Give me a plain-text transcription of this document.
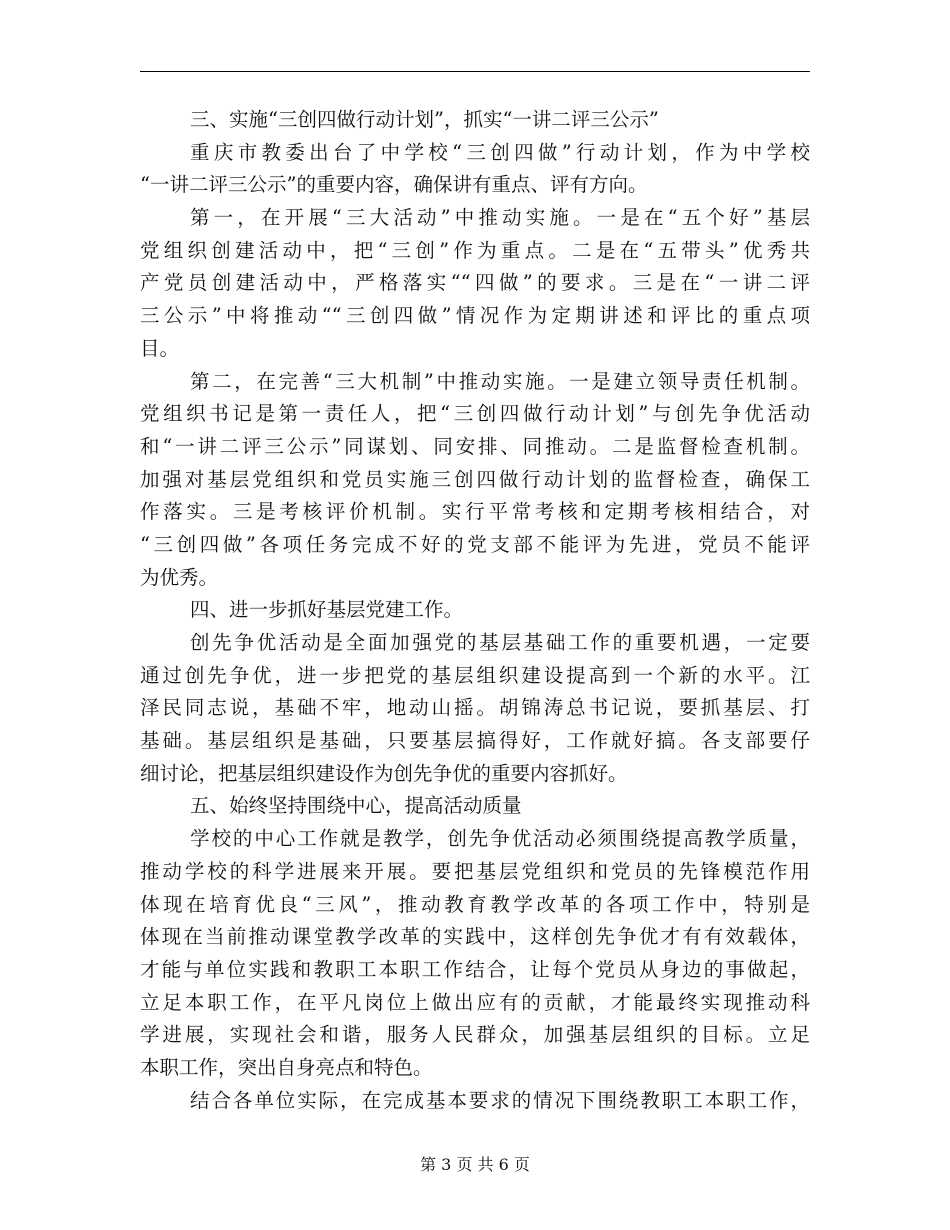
三、实施“三创四做行动计划”，抓实“一讲二评三公示”
重庆市教委出台了中学校“三创四做”行动计划，作为中学校
“一讲二评三公示”的重要内容，确保讲有重点、评有方向。
第一，在开展“三大活动”中推动实施。一是在“五个好”基层
党组织创建活动中，把“三创”作为重点。二是在“五带头”优秀共
产党员创建活动中，严格落实““四做”的要求。三是在“一讲二评
三公示”中将推动““三创四做”情况作为定期讲述和评比的重点项
目。
第二，在完善“三大机制”中推动实施。一是建立领导责任机制。
党组织书记是第一责任人，把“三创四做行动计划”与创先争优活动
和“一讲二评三公示”同谋划、同安排、同推动。二是监督检查机制。
加强对基层党组织和党员实施三创四做行动计划的监督检查，确保工
作落实。三是考核评价机制。实行平常考核和定期考核相结合，对
“三创四做”各项任务完成不好的党支部不能评为先进，党员不能评
为优秀。
四、进一步抓好基层党建工作。
创先争优活动是全面加强党的基层基础工作的重要机遇，一定要
通过创先争优，进一步把党的基层组织建设提高到一个新的水平。江
泽民同志说，基础不牢，地动山摇。胡锦涛总书记说，要抓基层、打
基础。基层组织是基础，只要基层搞得好，工作就好搞。各支部要仔
细讨论，把基层组织建设作为创先争优的重要内容抓好。
五、始终坚持围绕中心，提高活动质量
学校的中心工作就是教学，创先争优活动必须围绕提高教学质量，
推动学校的科学进展来开展。要把基层党组织和党员的先锋模范作用
体现在培育优良“三风”，推动教育教学改革的各项工作中，特别是
体现在当前推动课堂教学改革的实践中，这样创先争优才有有效载体，
才能与单位实践和教职工本职工作结合，让每个党员从身边的事做起，
立足本职工作，在平凡岗位上做出应有的贡献，才能最终实现推动科
学进展，实现社会和谐，服务人民群众，加强基层组织的目标。立足
本职工作，突出自身亮点和特色。
结合各单位实际，在完成基本要求的情况下围绕教职工本职工作，
第 3 页 共 6 页
